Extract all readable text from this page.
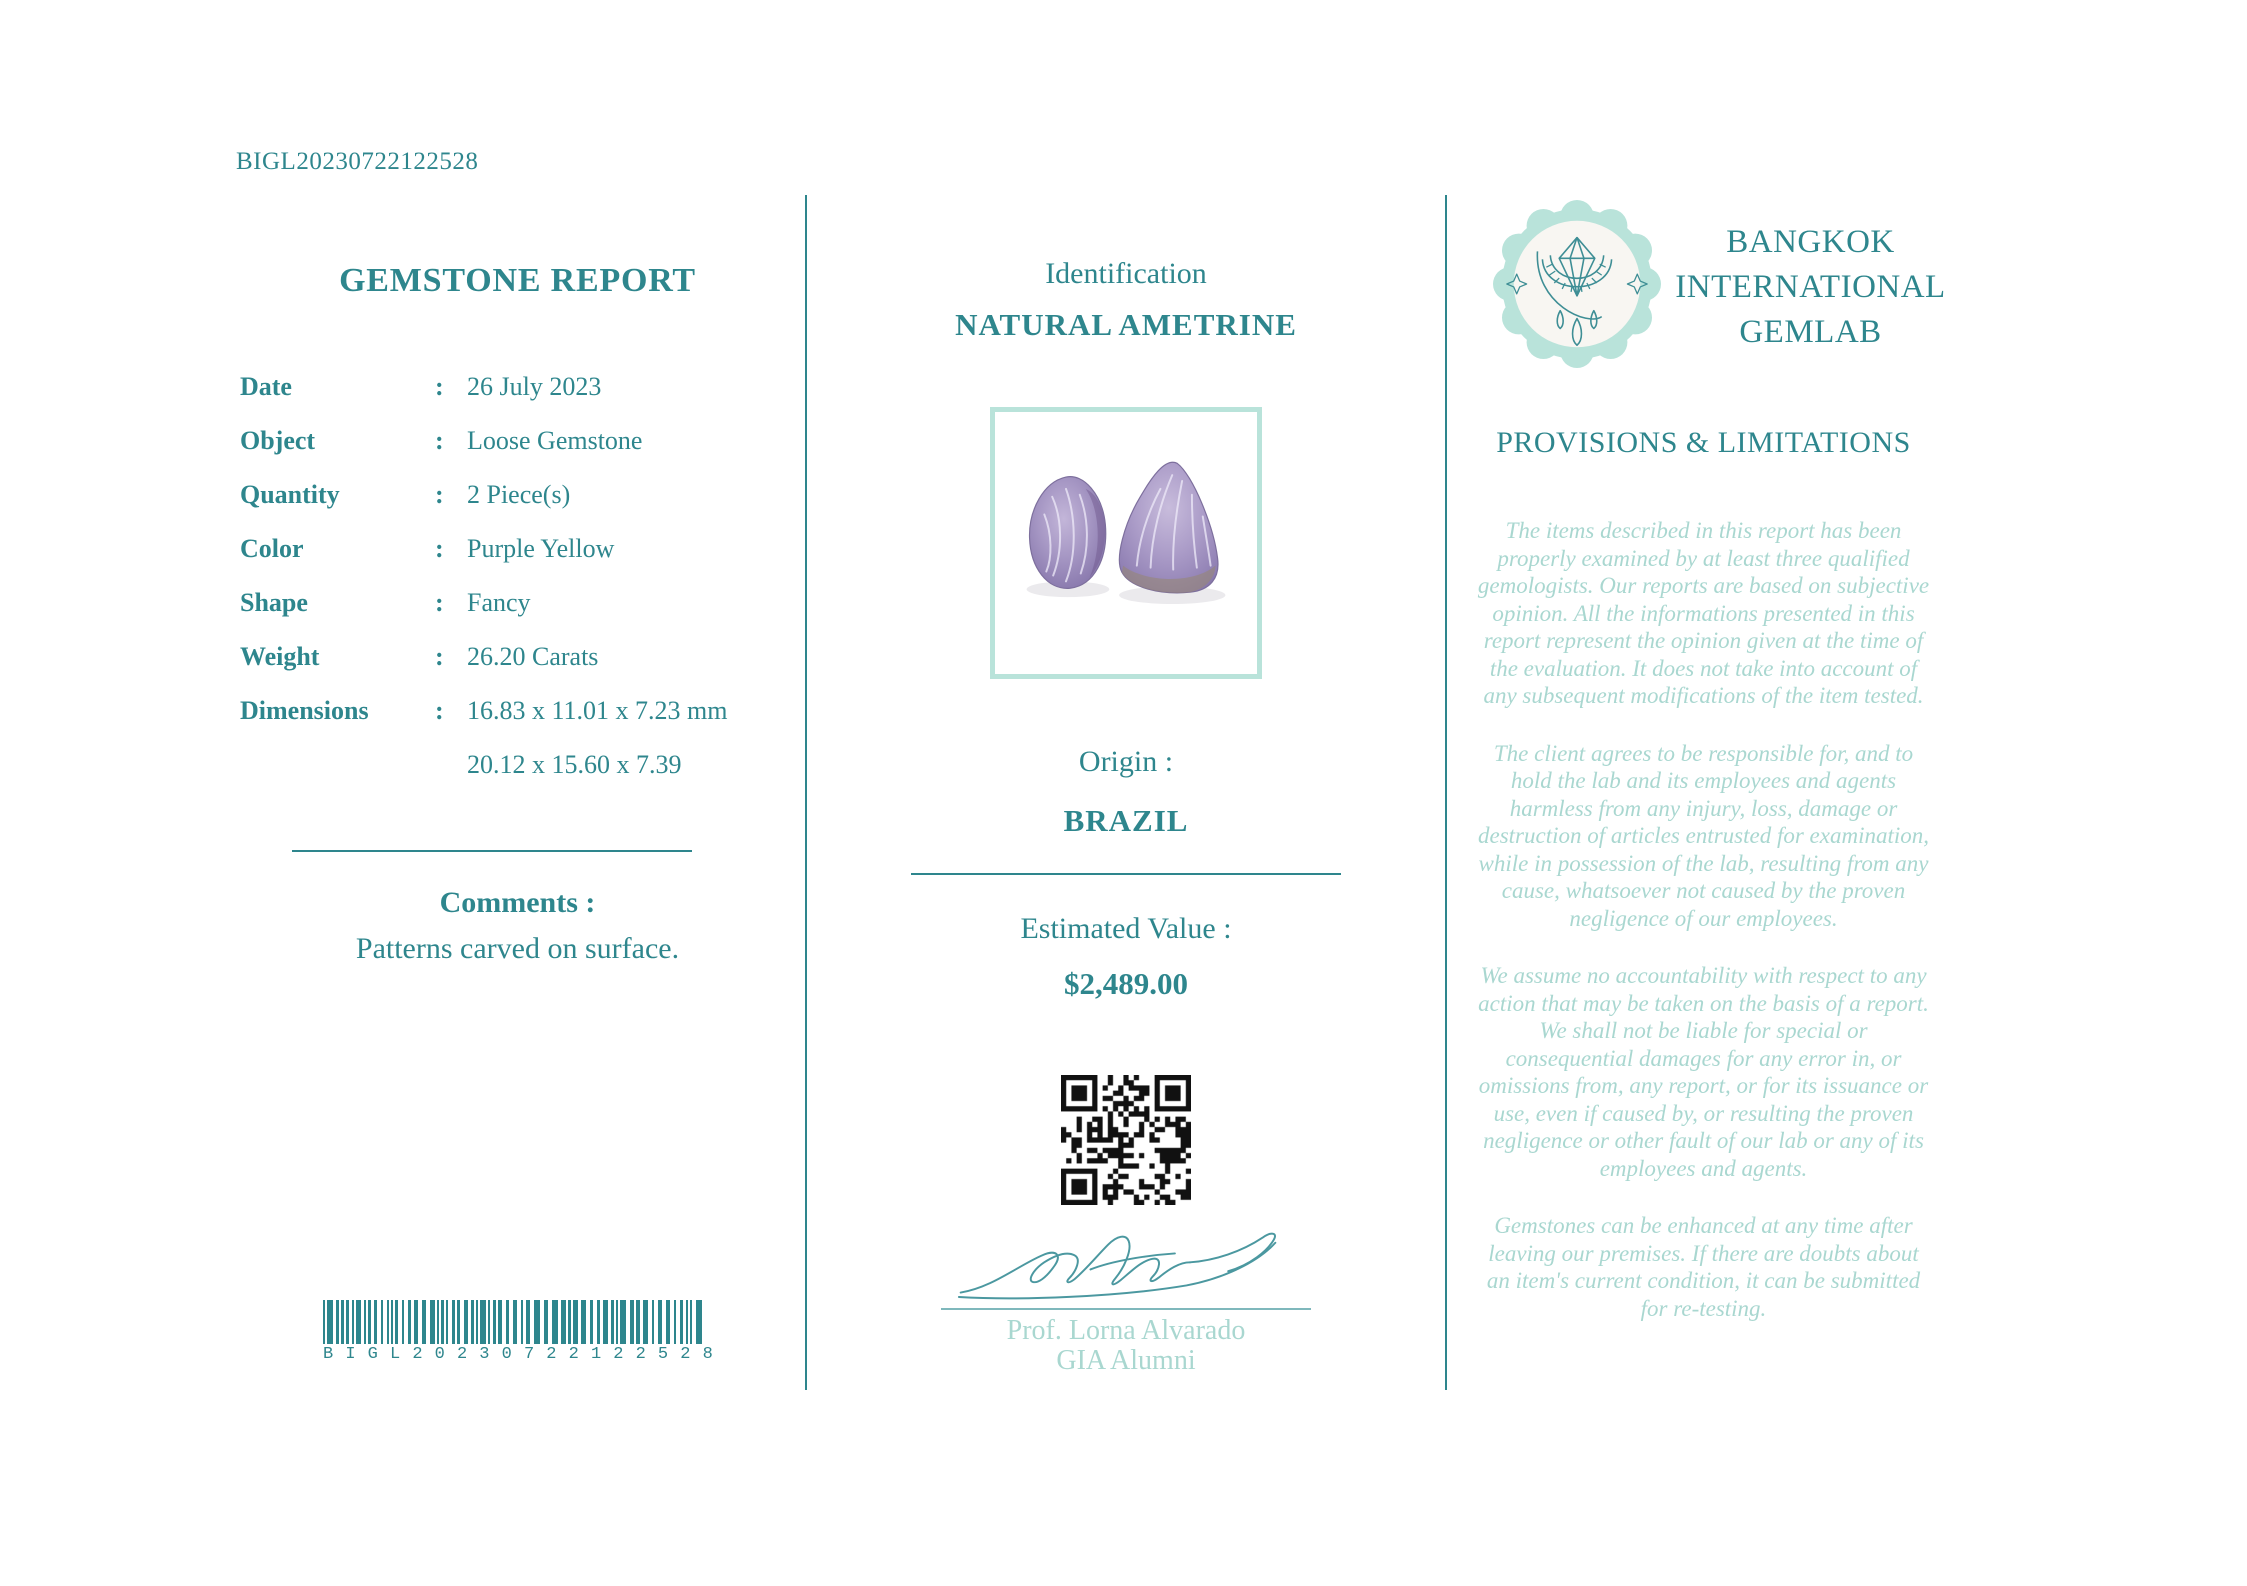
BIGL20230722122528
GEMSTONE REPORT
Date	: 26 July 2023
Object	: Loose Gemstone
Quantity	: 2 Piece(s)
Color	: Purple Yellow
Shape	: Fancy
Weight	: 26.20 Carats
Dimensions	: 16.83 x 11.01 x 7.23 mm
20.12 x 15.60 x 7.39
Comments :
Patterns carved on surface.
B I G L 2 0 2 3 0 7 2 2 1 2 2 5 2 8
Identification
NATURAL AMETRINE
Origin :
BRAZIL
Estimated Value :
$2,489.00
Prof. Lorna Alvarado
GIA Alumni
BANGKOK
INTERNATIONAL
GEMLAB
PROVISIONS & LIMITATIONS

The items described in this report has been properly examined by at least three qualified gemologists. Our reports are based on subjective opinion. All the informations presented in this report represent the opinion given at the time of the evaluation. It does not take into account of any subsequent modifications of the item tested.

The client agrees to be responsible for, and to hold the lab and its employees and agents harmless from any injury, loss, damage or destruction of articles entrusted for examination, while in possession of the lab, resulting from any cause, whatsoever not caused by the proven negligence of our employees.

We assume no accountability with respect to any action that may be taken on the basis of a report. We shall not be liable for special or consequential damages for any error in, or omissions from, any report, or for its issuance or use, even if caused by, or resulting the proven negligence or other fault of our lab or any of its employees and agents.

Gemstones can be enhanced at any time after leaving our premises. If there are doubts about an item's current condition, it can be submitted for re-testing.
